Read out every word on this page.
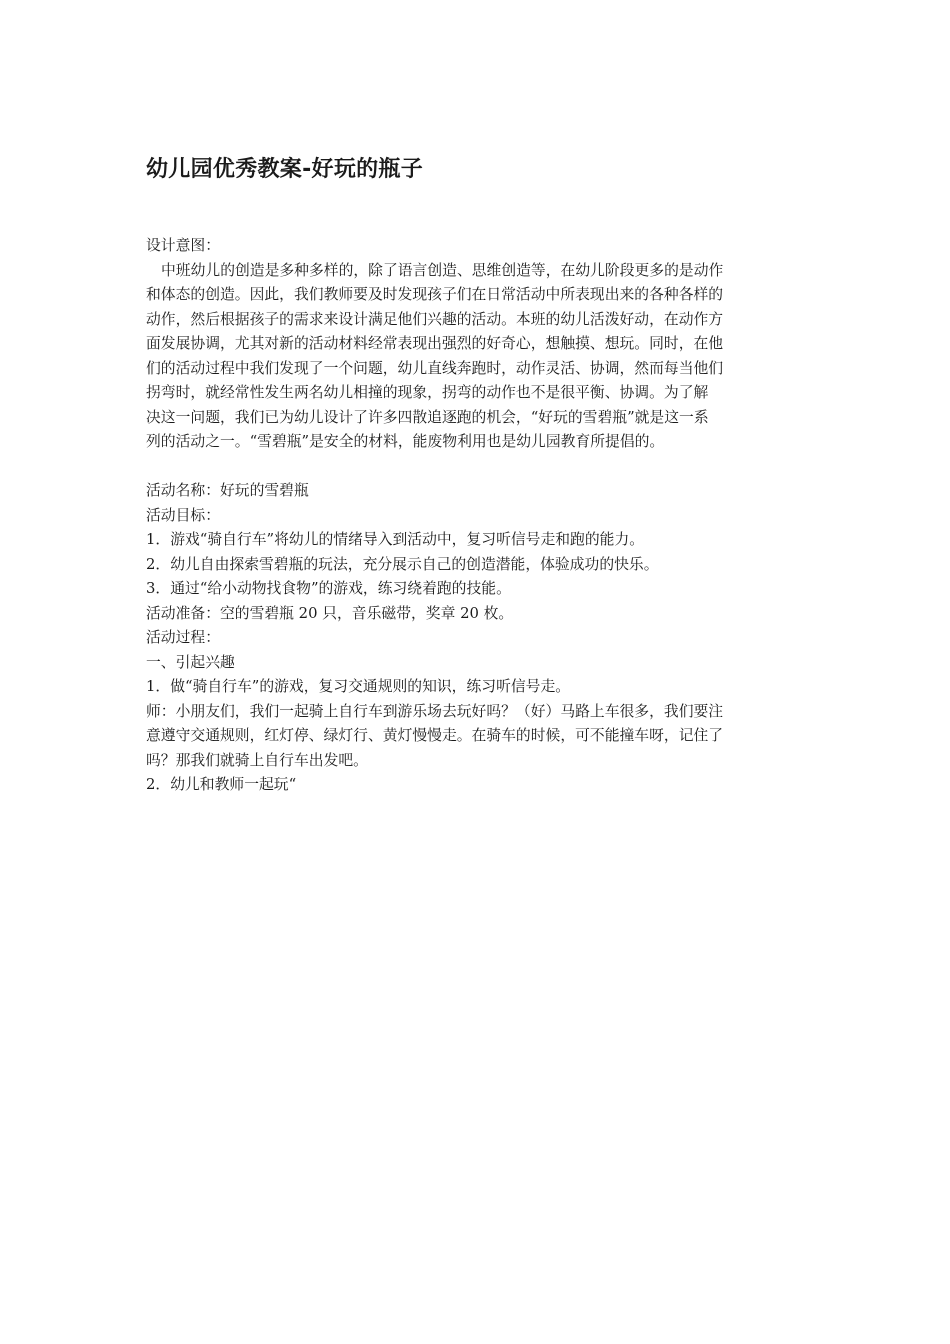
幼儿园优秀教案-好玩的瓶子

设计意图：

中班幼儿的创造是多种多样的，除了语言创造、思维创造等，在幼儿阶段更多的是动作

和体态的创造。因此，我们教师要及时发现孩子们在日常活动中所表现出来的各种各样的

动作，然后根据孩子的需求来设计满足他们兴趣的活动。本班的幼儿活泼好动，在动作方

面发展协调，尤其对新的活动材料经常表现出强烈的好奇心，想触摸、想玩。同时，在他

们的活动过程中我们发现了一个问题，幼儿直线奔跑时，动作灵活、协调，然而每当他们

拐弯时，就经常性发生两名幼儿相撞的现象，拐弯的动作也不是很平衡、协调。为了解

决这一问题，我们已为幼儿设计了许多四散追逐跑的机会，“好玩的雪碧瓶”就是这一系

列的活动之一。“雪碧瓶”是安全的材料，能废物利用也是幼儿园教育所提倡的。

活动名称：好玩的雪碧瓶

活动目标：

1．游戏“骑自行车”将幼儿的情绪导入到活动中，复习听信号走和跑的能力。

2．幼儿自由探索雪碧瓶的玩法，充分展示自己的创造潜能，体验成功的快乐。

3．通过“给小动物找食物”的游戏，练习绕着跑的技能。

活动准备：空的雪碧瓶 20 只，音乐磁带，奖章 20 枚。

活动过程：

一、引起兴趣

1．做“骑自行车”的游戏，复习交通规则的知识，练习听信号走。

师：小朋友们，我们一起骑上自行车到游乐场去玩好吗？（好）马路上车很多，我们要注

意遵守交通规则，红灯停、绿灯行、黄灯慢慢走。在骑车的时候，可不能撞车呀，记住了

吗？那我们就骑上自行车出发吧。

2．幼儿和教师一起玩“
